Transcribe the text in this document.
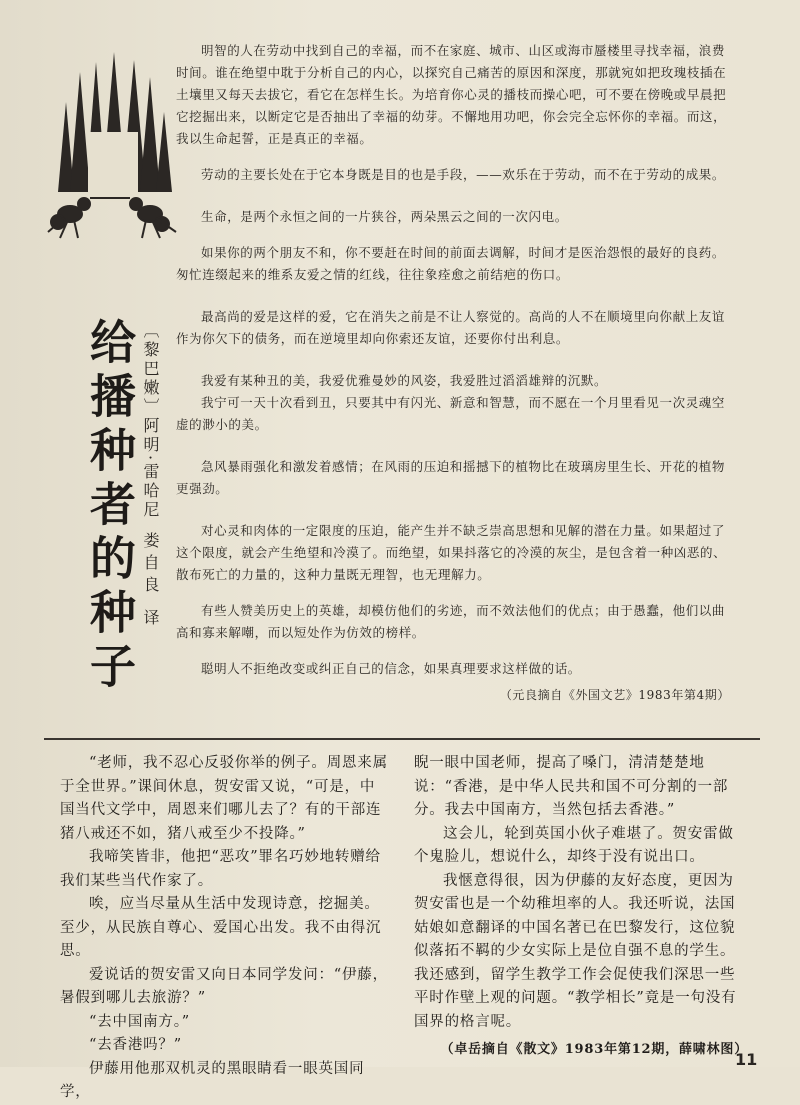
给播种者的种子 〔黎巴嫩〕阿明·雷哈尼
娄自良 译

明智的人在劳动中找到自己的幸福，而不在家庭、城市、山区或海市蜃楼里寻找幸福，浪费时间。谁在绝望中耽于分析自己的内心，以探究自己痛苦的原因和深度，那就宛如把玫瑰枝插在土壤里又每天去拔它，看它在怎样生长。为培育你心灵的播枝而操心吧，可不要在傍晚或早晨把它挖掘出来，以断定它是否抽出了幸福的幼芽。不懈地用功吧，你会完全忘怀你的幸福。而这，我以生命起誓，正是真正的幸福。

劳动的主要长处在于它本身既是目的也是手段，——欢乐在于劳动，而不在于劳动的成果。

生命，是两个永恒之间的一片狭谷，两朵黑云之间的一次闪电。

如果你的两个朋友不和，你不要赶在时间的前面去调解，时间才是医治怨恨的最好的良药。匆忙连缀起来的维系友爱之情的红线，往往象痊愈之前结疤的伤口。

最高尚的爱是这样的爱，它在消失之前是不让人察觉的。高尚的人不在顺境里向你献上友谊作为你欠下的债务，而在逆境里却向你索还友谊，还要你付出利息。

我爱有某种丑的美，我爱优雅曼妙的风姿，我爱胜过滔滔雄辩的沉默。

我宁可一天十次看到丑，只要其中有闪光、新意和智慧，而不愿在一个月里看见一次灵魂空虚的渺小的美。

急风暴雨强化和激发着感情；在风雨的压迫和摇撼下的植物比在玻璃房里生长、开花的植物更强劲。

对心灵和肉体的一定限度的压迫，能产生并不缺乏崇高思想和见解的潜在力量。如果超过了这个限度，就会产生绝望和冷漠了。而绝望，如果抖落它的冷漠的灰尘，是包含着一种凶恶的、散布死亡的力量的，这种力量既无理智，也无理解力。

有些人赞美历史上的英雄，却模仿他们的劣迹，而不效法他们的优点；由于愚蠢，他们以曲高和寡来解嘲，而以短处作为仿效的榜样。

聪明人不拒绝改变或纠正自己的信念，如果真理要求这样做的话。

（元良摘自《外国文艺》1983年第4期）

“老师，我不忍心反驳你举的例子。周恩来属于全世界。”课间休息，贺安雷又说，“可是，中国当代文学中，周恩来们哪儿去了？有的干部连猪八戒还不如，猪八戒至少不投降。”

我啼笑皆非，他把“恶攻”罪名巧妙地转赠给我们某些当代作家了。

唉，应当尽量从生活中发现诗意，挖掘美。至少，从民族自尊心、爱国心出发。我不由得沉思。

爱说话的贺安雷又向日本同学发问：“伊藤，暑假到哪儿去旅游？”

“去中国南方。”

“去香港吗？”

伊藤用他那双机灵的黑眼睛看一眼英国同学，

睨一眼中国老师，提高了嗓门，清清楚楚地说：“香港，是中华人民共和国不可分割的一部分。我去中国南方，当然包括去香港。”

这会儿，轮到英国小伙子难堪了。贺安雷做个鬼脸儿，想说什么，却终于没有说出口。

我惬意得很，因为伊藤的友好态度，更因为贺安雷也是一个幼稚坦率的人。我还听说，法国姑娘如意翻译的中国名著已在巴黎发行，这位貌似落拓不羁的少女实际上是位自强不息的学生。我还感到，留学生教学工作会促使我们深思一些平时作壁上观的问题。“教学相长”竟是一句没有国界的格言呢。

（卓岳摘自《散文》1983年第12期，薛啸林图）

11
